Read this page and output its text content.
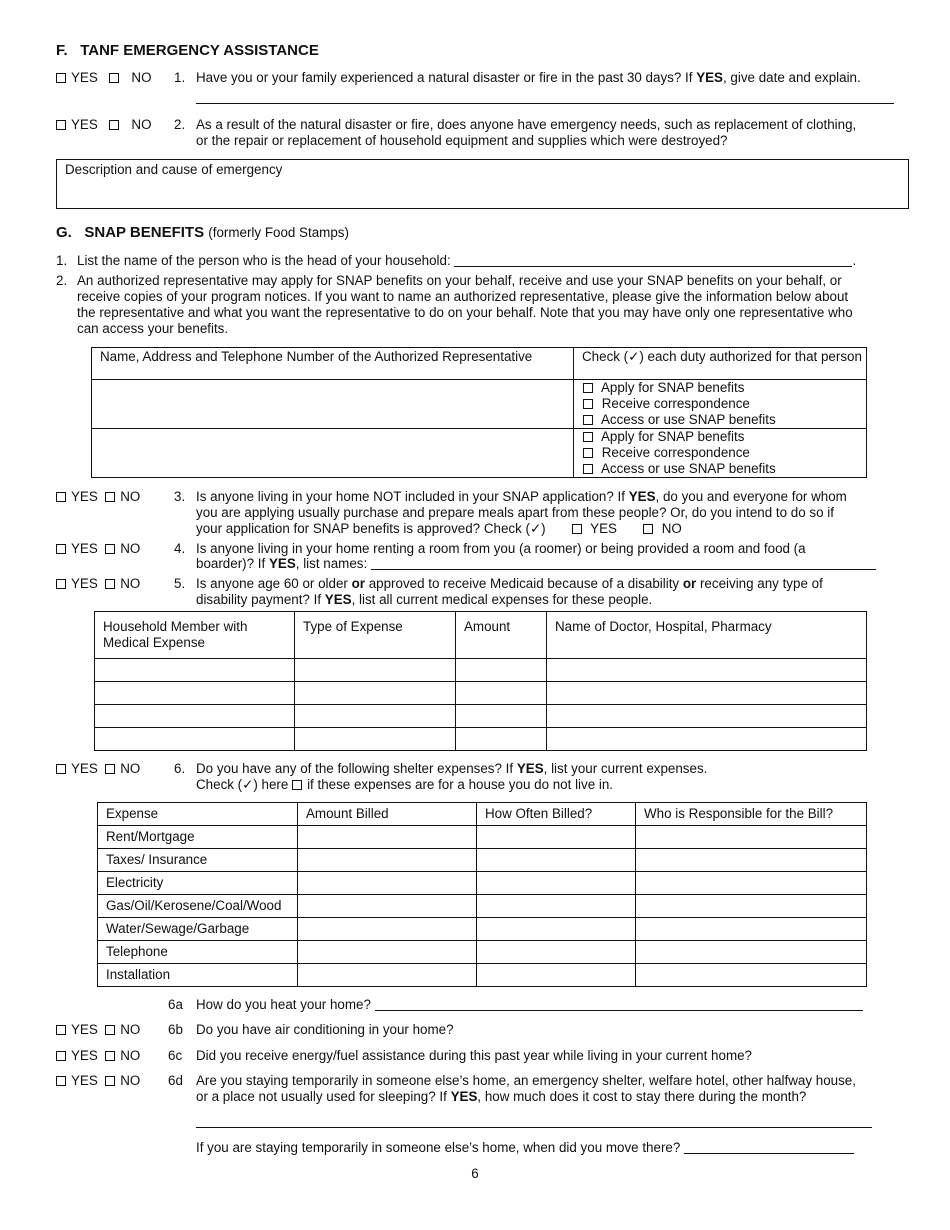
F. TANF EMERGENCY ASSISTANCE
YES	NO 1. Have you or your family experienced a natural disaster or fire in the past 30 days? If YES, give date and explain.
YES	NO 2. As a result of the natural disaster or fire, does anyone have emergency needs, such as replacement of clothing,
or the repair or replacement of household equipment and supplies which were destroyed?
Description and cause of emergency
G. SNAP BENEFITS (formerly Food Stamps)
1. List the name of the person who is the head of your household:	.
2. An authorized representative may apply for SNAP benefits on your behalf, receive and use your SNAP benefits on your behalf, or
receive copies of your program notices. If you want to name an authorized representative, please give the information below about
the representative and what you want the representative to do on your behalf. Note that you may have only one representative who
can access your benefits.
Name, Address and Telephone Number of the Authorized Representative	Check (✓) each duty authorized for that person

	Apply for SNAP benefits
Receive correspondence
Access or use SNAP benefits

	Apply for SNAP benefits
Receive correspondence
Access or use SNAP benefits
YES NO	3. Is anyone living in your home NOT included in your SNAP application? If YES, do you and everyone for whom
you are applying usually purchase and prepare meals apart from these people? Or, do you intend to do so if
your application for SNAP benefits is approved? Check (✓)	YES	NO
YES NO	4. Is anyone living in your home renting a room from you (a roomer) or being provided a room and food (a
boarder)? If YES, list names:
YES NO	5. Is anyone age 60 or older or approved to receive Medicaid because of a disability or receiving any type of
disability payment? If YES, list all current medical expenses for these people.
Household Member with Medical Expense	Type of Expense	Amount	Name of Doctor, Hospital, Pharmacy

YES NO	6. Do you have any of the following shelter expenses? If YES, list your current expenses.
Check (✓) here if these expenses are for a house you do not live in.
Expense	Amount Billed	How Often Billed?	Who is Responsible for the Bill?
Rent/Mortgage			
Taxes/ Insurance			
Electricity			
Gas/Oil/Kerosene/Coal/Wood			
Water/Sewage/Garbage			
Telephone			
Installation			
6a How do you heat your home?
YES NO 6b Do you have air conditioning in your home?
YES NO 6c Did you receive energy/fuel assistance during this past year while living in your current home?
YES NO 6d Are you staying temporarily in someone else’s home, an emergency shelter, welfare hotel, other halfway house,
or a place not usually used for sleeping? If YES, how much does it cost to stay there during the month?
If you are staying temporarily in someone else’s home, when did you move there?
6
